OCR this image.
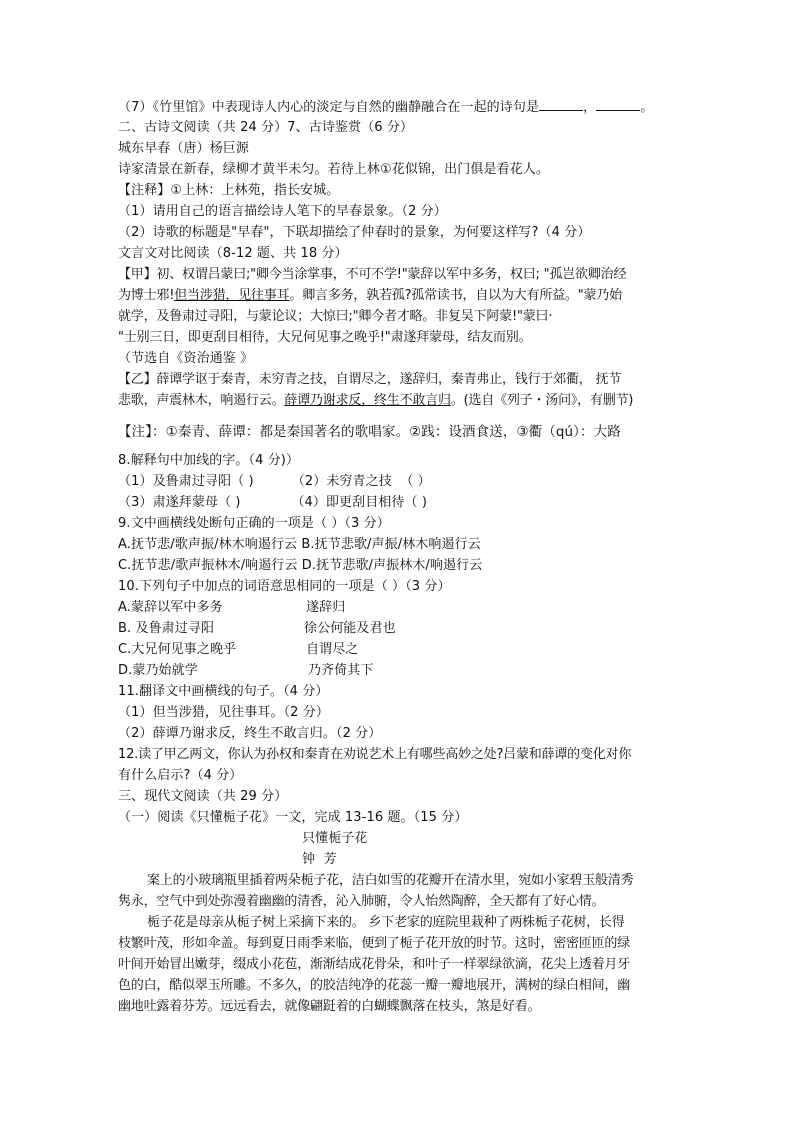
（7）《竹里馆》中表现诗人内心的淡定与自然的幽静融合在一起的诗句是	，	。
二、古诗文阅读（共 24 分）7、古诗鉴赏（6 分）
城东早春（唐）杨巨源
诗家清景在新春，绿柳才黄半未匀。若待上林①花似锦，出门俱是看花人。
【注释】①上林：上林苑，指长安城。
（1）请用自己的语言描绘诗人笔下的早春景象。（2 分）
（2）诗歌的标题是"早春"，下联却描绘了仲春时的景象，为何要这样写?（4 分）
文言文对比阅读（8-12 题、共 18 分）
【甲】初、权谓吕蒙曰;"卿今当涂掌事，不可不学!"蒙辞以军中多务，权曰; "孤岂欲卿治经
为博士邪!但当涉猎，见往事耳。卿言多务，孰若孤?孤常读书，自以为大有所益。"蒙乃始
就学，及鲁肃过寻阳，与蒙论议；大惊曰;"卿今者才略。非复吴下阿蒙!"蒙曰·
"士别三日，即更刮目相待，大兄何见事之晚乎!"肃遂拜蒙母，结友而别。
（节选自《资治通鉴 》
【乙】薛谭学讴于秦青，未穷青之技，自谓尽之，遂辞归，秦青弗止，钱行于郊衢， 抚节
悲歌，声震林木，响遏行云。薛谭乃谢求反，终生不敢言归。(选自《列子・汤问》，有删节)
【注】：①秦青、薛谭：都是秦国著名的歌唱家。②践：设酒食送，③衢（qú）：大路
8.解释句中加线的字。（4 分)）
（1）及鲁肃过寻阳（ )         （2）未穷青之技  （ ）
（3）肃遂拜蒙母（ )            （4）即更刮目相待（ )
9.文中画横线处断句正确的一项是（ ）（3 分）
A.抚节悲/歌声振/林木响遏行云 B.抚节悲歌/声振/林木响遏行云
C.抚节悲/歌声振林木/响遏行云 D.抚节悲歌/声振林木/响遏行云
10.下列句子中加点的词语意思相同的一项是（ ）（3 分）
A.蒙辞以军中多务	遂辞归
B. 及鲁肃过寻阳	徐公何能及君也
C.大兄何见事之晚乎	自谓尽之
D.蒙乃始就学	乃齐倚其下
11.翻译文中画横线的句子。（4 分）
（1）但当涉猎，见往事耳。（2 分）
（2）薛谭乃谢求反，终生不敢言归。（2 分）
12.读了甲乙两文，你认为孙权和秦青在劝说艺术上有哪些高妙之处?吕蒙和薛谭的变化对你
有什么启示?（4 分）
三、现代文阅读（共 29 分）
（一）阅读《只懂栀子花》一文，完成 13-16 题。（15 分）
只懂栀子花
钟  芳
案上的小玻璃瓶里插着两朵栀子花，洁白如雪的花瓣开在清水里，宛如小家碧玉般清秀
隽永，空气中到处弥漫着幽幽的清香，沁入肺腑，令人怡然陶醉，全天都有了好心情。
栀子花是母亲从栀子树上采摘下来的。 乡下老家的庭院里栽种了两株栀子花树，长得
枝繁叶茂，形如伞盖。每到夏日雨季来临，便到了栀子花开放的时节。这时，密密匝匝的绿
叶间开始冒出嫩芽，缀成小花苞，渐渐结成花骨朵，和叶子一样翠绿欲滴，花尖上透着月牙
色的白，酷似翠玉所雕。不多久，的胶洁纯净的花蕊一瓣一瓣地展开，满树的绿白相间，幽
幽地吐露着芬芳。远远看去，就像翩跹着的白蝴蝶飘落在枝头，煞是好看。
